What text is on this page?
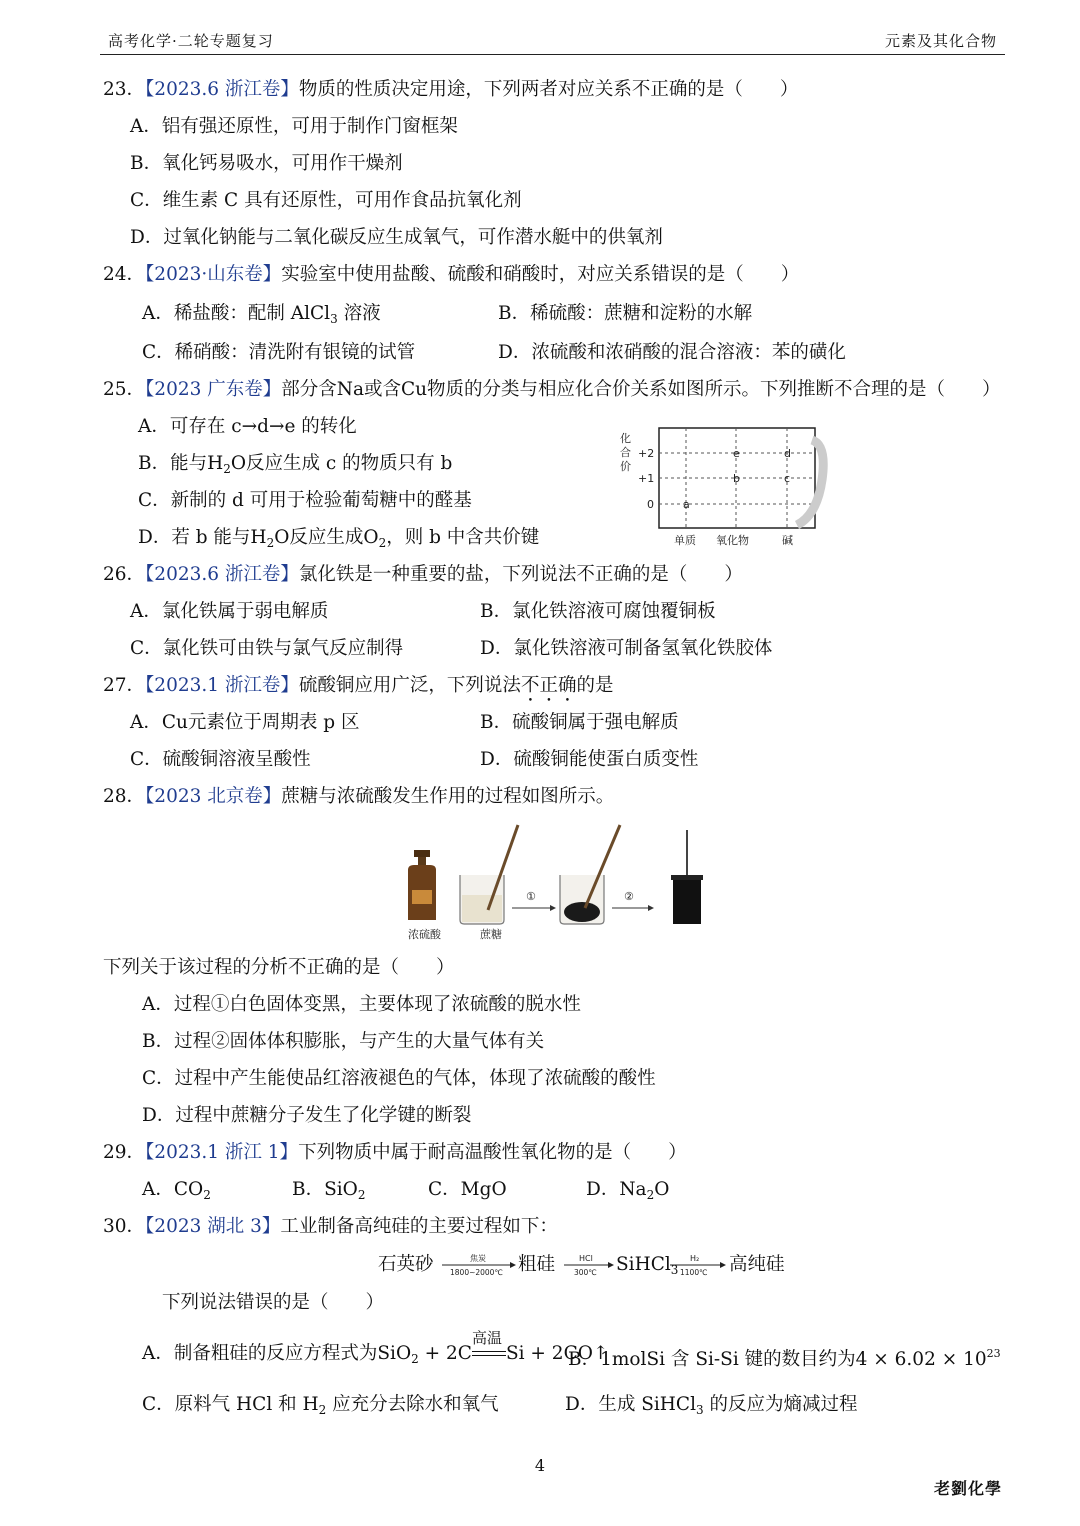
高考化学·二轮专题复习	元素及其化合物
23．【2023.6 浙江卷】物质的性质决定用途，下列两者对应关系不正确的是（　　）
A．铝有强还原性，可用于制作门窗框架
B．氧化钙易吸水，可用作干燥剂
C．维生素 C 具有还原性，可用作食品抗氧化剂
D．过氧化钠能与二氧化碳反应生成氧气，可作潜水艇中的供氧剂
24．【2023·山东卷】实验室中使用盐酸、硫酸和硝酸时，对应关系错误的是（　　）
A．稀盐酸：配制 AlCl$_3$ 溶液	B．稀硫酸：蔗糖和淀粉的水解
C．稀硝酸：清洗附有银镜的试管	D．浓硫酸和浓硝酸的混合溶液：苯的磺化
25．【2023 广东卷】部分含Na或含Cu物质的分类与相应化合价关系如图所示。下列推断不合理的是（　　）
A．可存在 c→d→e 的转化
B．能与$H_2O$反应生成 c 的物质只有 b
C．新制的 d 可用于检验葡萄糖中的醛基
D．若 b 能与$H_2O$反应生成$O_2$，则 b 中含共价键
化
合
价
+2
+1
0
单质 氧化物	碱
a
b	c
d
e
26．【2023.6 浙江卷】氯化铁是一种重要的盐，下列说法不正确的是（　　）
A．氯化铁属于弱电解质	B．氯化铁溶液可腐蚀覆铜板
C．氯化铁可由铁与氯气反应制得	D．氯化铁溶液可制备氢氧化铁胶体
27．【2023.1 浙江卷】硫酸铜应用广泛，下列说法不正确的是
A．Cu元素位于周期表 p 区	B．硫酸铜属于强电解质
C．硫酸铜溶液呈酸性	D．硫酸铜能使蛋白质变性
28．【2023 北京卷】蔗糖与浓硫酸发生作用的过程如图所示。
浓硫酸	蔗糖
①	②
下列关于该过程的分析不正确的是（　　）
A．过程①白色固体变黑，主要体现了浓硫酸的脱水性
B．过程②固体体积膨胀，与产生的大量气体有关
C．过程中产生能使品红溶液褪色的气体，体现了浓硫酸的酸性
D．过程中蔗糖分子发生了化学键的断裂
29．【2023.1 浙江 1】下列物质中属于耐高温酸性氧化物的是（　　）
A．$CO_2$	B．SiO$_2$	C．MgO	D．$Na_2O$
30．【2023 湖北 3】工业制备高纯硅的主要过程如下：
石英砂	焦炭
1800~2000℃ 粗硅	HCl
300℃ SiHCl$_3$
H₂
1100℃ 高纯硅
下列说法错误的是（　　）
A．制备粗硅的反应方程式为SiO$_2$ + 2C
高温
Si + 2CO↑
B．1molSi 含 Si-Si 键的数目约为$4 \times 6.02 \times 10^{23}$
C．原料气 HCl 和 $H_2$ 应充分去除水和氧气	D．生成 SiHCl$_3$ 的反应为熵减过程
4
老劉化學
